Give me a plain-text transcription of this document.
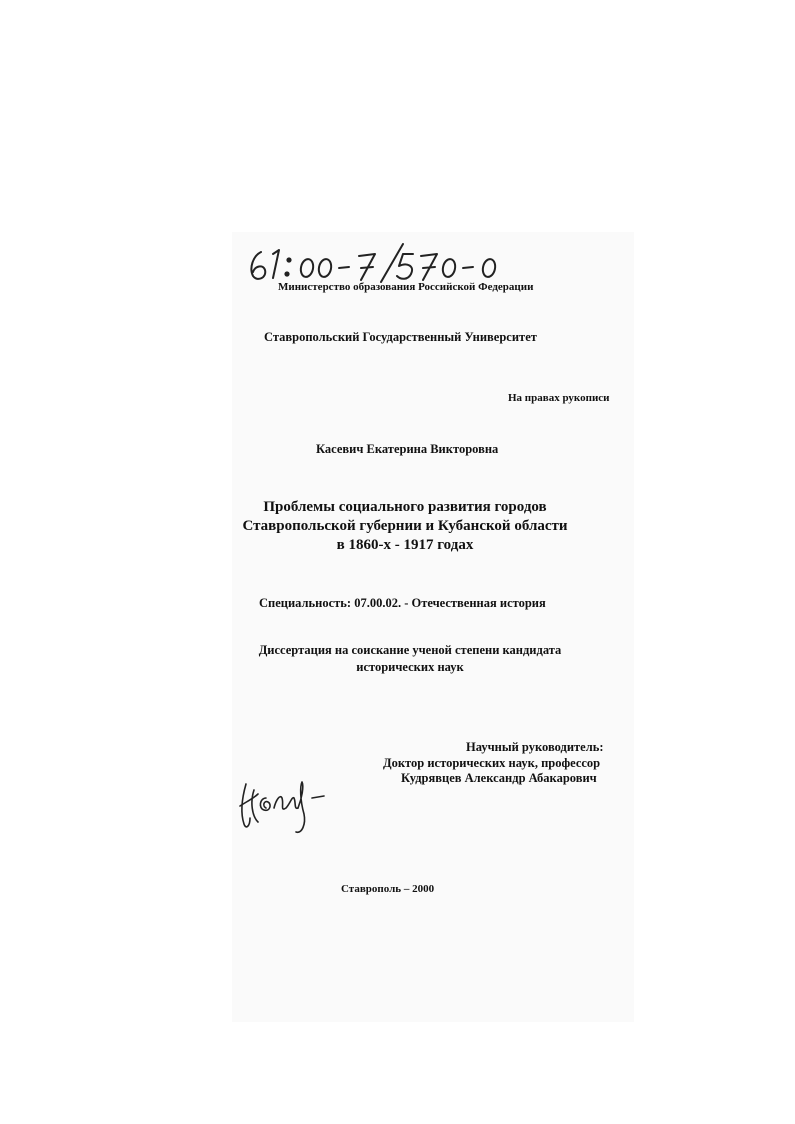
Министерство образования Российской Федерации
Ставропольский Государственный Университет
На правах рукописи
Касевич Екатерина Викторовна
Проблемы социального развития городов
Ставропольской губернии и Кубанской области
в 1860-х - 1917 годах
Специальность: 07.00.02. - Отечественная история
Диссертация на соискание ученой степени кандидата
исторических наук
Научный руководитель:
Доктор исторических наук, профессор
Кудрявцев Александр Абакарович
Ставрополь – 2000
